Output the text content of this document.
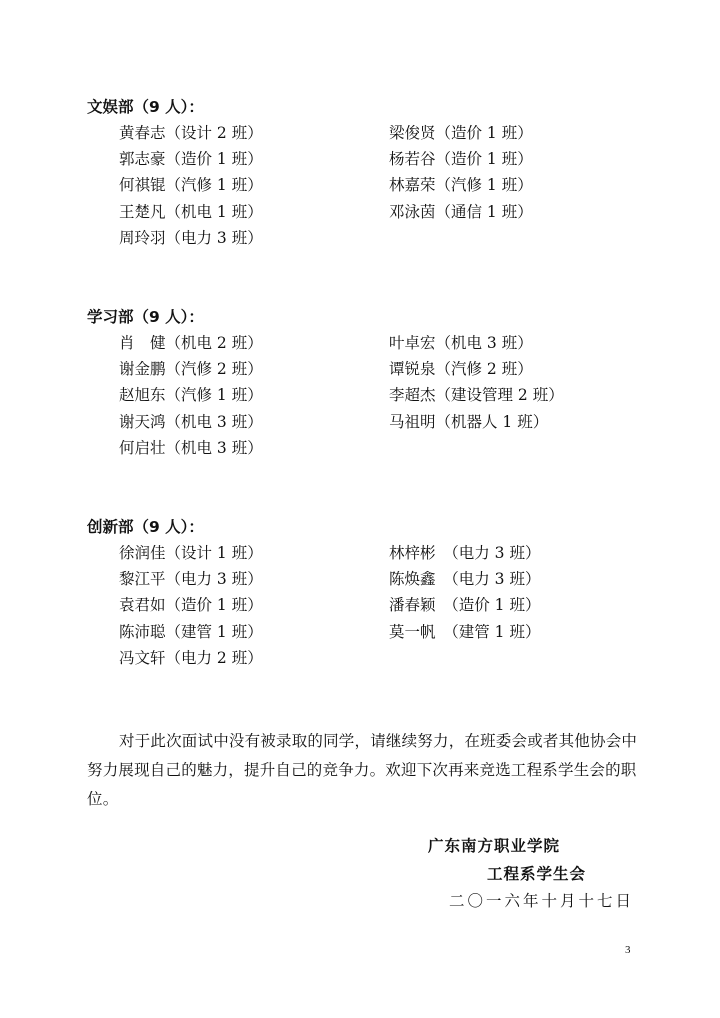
文娱部（9 人）：
黄春志（设计 2 班）	梁俊贤（造价 1 班）
郭志豪（造价 1 班）	杨若谷（造价 1 班）
何祺锟（汽修 1 班）	林嘉荣（汽修 1 班）
王楚凡（机电 1 班）	邓泳茵（通信 1 班）
周玲羽（电力 3 班）
学习部（9 人）：
肖　健（机电 2 班）	叶卓宏（机电 3 班）
谢金鹏（汽修 2 班）	谭锐泉（汽修 2 班）
赵旭东（汽修 1 班）	李超杰（建设管理 2 班）
谢天鸿（机电 3 班）	马祖明（机器人 1 班）
何启壮（机电 3 班）
创新部（9 人）：
徐润佳（设计 1 班）	林梓彬　（电力 3 班）
黎江平（电力 3 班）	陈焕鑫　（电力 3 班）
袁君如（造价 1 班）	潘春颖　（造价 1 班）
陈沛聪（建管 1 班）	莫一帆　（建管 1 班）
冯文轩（电力 2 班）

对于此次面试中没有被录取的同学，请继续努力，在班委会或者其他协会中努力展现自己的魅力，提升自己的竞争力。欢迎下次再来竞选工程系学生会的职位。

广东南方职业学院
工程系学生会
二〇一六年十月十七日
3
